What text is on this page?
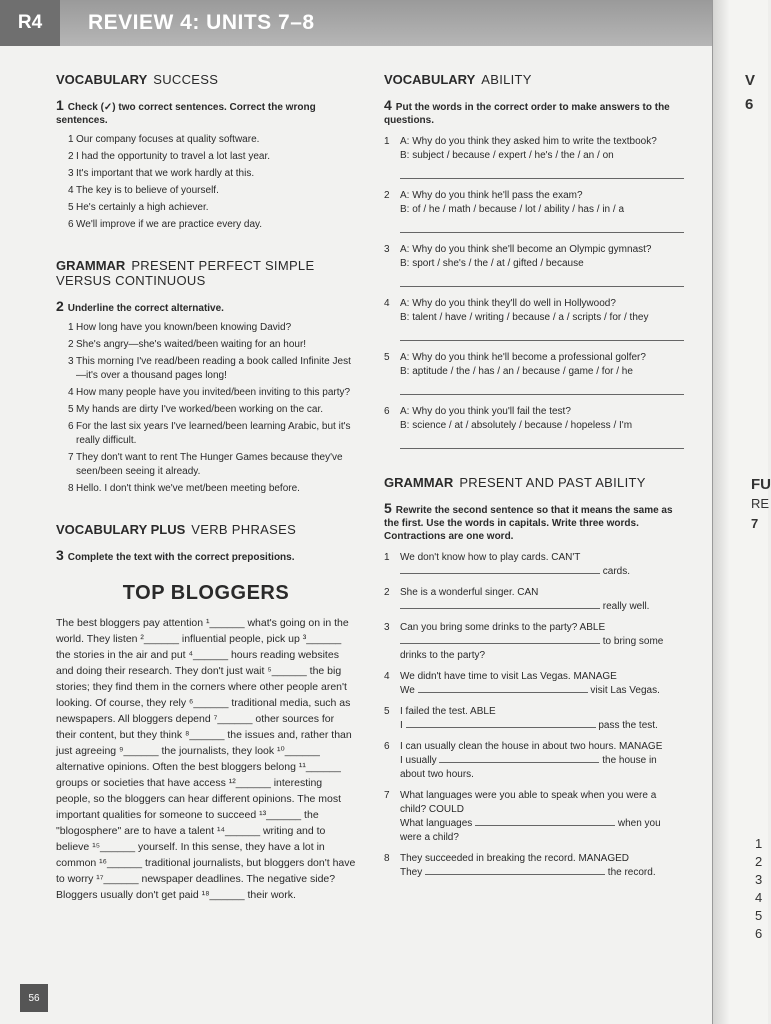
R4	REVIEW 4: UNITS 7–8
VOCABULARY SUCCESS
1 Check (✓) two correct sentences. Correct the wrong sentences.
1 Our company focuses at quality software.
2 I had the opportunity to travel a lot last year.
3 It's important that we work hardly at this.
4 The key is to believe of yourself.
5 He's certainly a high achiever.
6 We'll improve if we are practice every day.
GRAMMAR PRESENT PERFECT SIMPLE VERSUS CONTINUOUS
2 Underline the correct alternative.
1 How long have you known/been knowing David?
2 She's angry—she's waited/been waiting for an hour!
3 This morning I've read/been reading a book called Infinite Jest—it's over a thousand pages long!
4 How many people have you invited/been inviting to this party?
5 My hands are dirty I've worked/been working on the car.
6 For the last six years I've learned/been learning Arabic, but it's really difficult.
7 They don't want to rent The Hunger Games because they've seen/been seeing it already.
8 Hello. I don't think we've met/been meeting before.
VOCABULARY PLUS VERB PHRASES
3 Complete the text with the correct prepositions.
TOP BLOGGERS
The best bloggers pay attention ¹______ what's going on in the world. They listen ²______ influential people, pick up ³______ the stories in the air and put ⁴______ hours reading websites and doing their research. They don't just wait ⁵______ the big stories; they find them in the corners where other people aren't looking. Of course, they rely ⁶______ traditional media, such as newspapers. All bloggers depend ⁷______ other sources for their content, but they think ⁸______ the issues and, rather than just agreeing ⁹______ the journalists, they look ¹⁰______ alternative opinions. Often the best bloggers belong ¹¹______ groups or societies that have access ¹²______ interesting people, so the bloggers can hear different opinions. The most important qualities for someone to succeed ¹³______ the "blogosphere" are to have a talent ¹⁴______ writing and to believe ¹⁵______ yourself. In this sense, they have a lot in common ¹⁶______ traditional journalists, but bloggers don't have to worry ¹⁷______ newspaper deadlines. The negative side? Bloggers usually don't get paid ¹⁸______ their work.
VOCABULARY ABILITY
4 Put the words in the correct order to make answers to the questions.
1 A: Why do you think they asked him to write the textbook?
B: subject / because / expert / he's / the / an / on
2 A: Why do you think he'll pass the exam?
B: of / he / math / because / lot / ability / has / in / a
3 A: Why do you think she'll become an Olympic gymnast?
B: sport / she's / the / at / gifted / because
4 A: Why do you think they'll do well in Hollywood?
B: talent / have / writing / because / a / scripts / for / they
5 A: Why do you think he'll become a professional golfer?
B: aptitude / the / has / an / because / game / for / he
6 A: Why do you think you'll fail the test?
B: science / at / absolutely / because / hopeless / I'm
GRAMMAR PRESENT AND PAST ABILITY
5 Rewrite the second sentence so that it means the same as the first. Use the words in capitals. Write three words. Contractions are one word.
1 We don't know how to play cards. CAN'T
cards.
2 She is a wonderful singer. CAN
really well.
3 Can you bring some drinks to the party? ABLE
to bring some drinks to the party?
4 We didn't have time to visit Las Vegas. MANAGE
We	visit Las Vegas.
5 I failed the test. ABLE
I	pass the test.
6 I can usually clean the house in about two hours. MANAGE
I usually	the house in about two hours.
7 What languages were you able to speak when you were a child? COULD
What languages	when you were a child?
8 They succeeded in breaking the record. MANAGED
They	the record.
56
V
6
FU
RE
7
1
2
3
4
5
6
